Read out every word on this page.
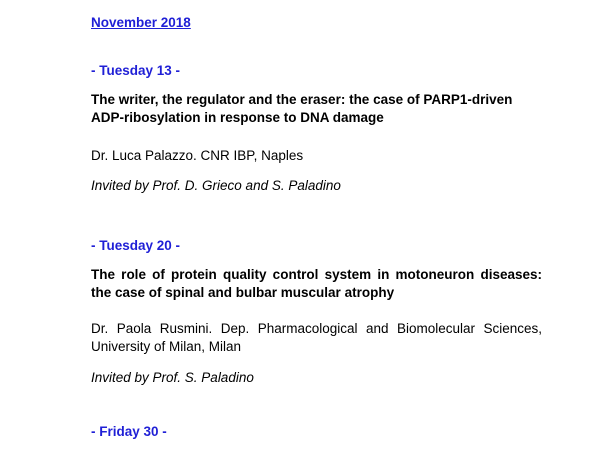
November 2018
- Tuesday 13 -
The writer, the regulator and the eraser: the case of PARP1-driven ADP-ribosylation in response to DNA damage
Dr. Luca Palazzo. CNR IBP, Naples
Invited by Prof. D. Grieco and S. Paladino
- Tuesday 20 -
The role of protein quality control system in motoneuron diseases: the case of spinal and bulbar muscular atrophy
Dr. Paola Rusmini. Dep. Pharmacological and Biomolecular Sciences, University of Milan, Milan
Invited by Prof. S. Paladino
- Friday 30 -
